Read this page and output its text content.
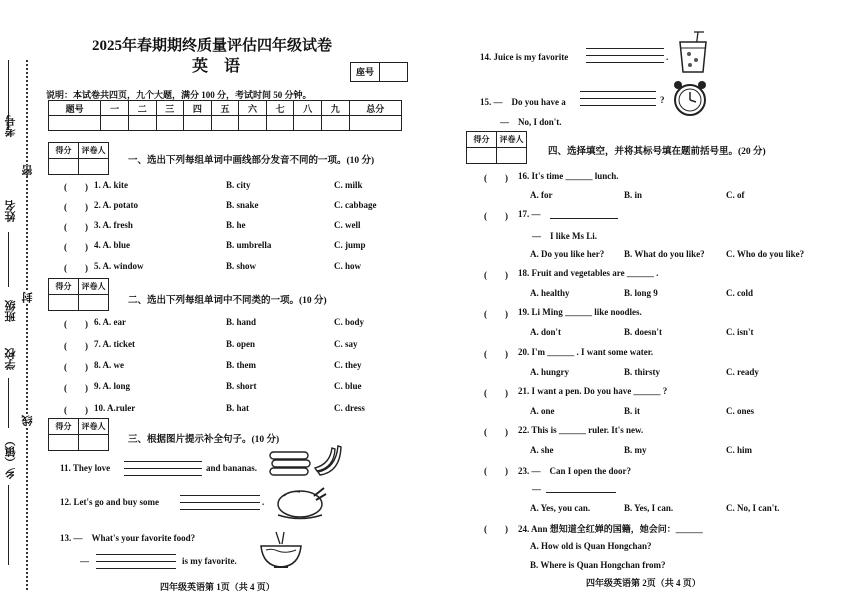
考号
姓名
班级
学校
乡（镇）
密
封
线
2025年春期期终质量评估四年级试卷
英　语	座号
说明：本试卷共四页，九个大题，满分 100 分，考试时间 50 分钟。
题号	一	二	三	四	五	六	七	八	九	总分

得分	评卷人

一、选出下列每组单词中画线部分发音不同的一项。(10 分)
(　　) 1. A. kite	B. city	C. milk
(　　) 2. A. potato	B. snake	C. cabbage
(　　) 3. A. fresh	B. he	C. well
(　　) 4. A. blue	B. umbrella	C. jump
(　　) 5. A. window	B. show	C. how
得分	评卷人

二、选出下列每组单词中不同类的一项。(10 分)
(　　) 6. A. ear	B. hand	C. body
(　　) 7. A. ticket	B. open	C. say
(　　) 8. A. we	B. them	C. they
(　　) 9. A. long	B. short	C. blue
(　　) 10. A.ruler	B. hat	C. dress
得分	评卷人

三、根据图片提示补全句子。(10 分)
11. They love	and bananas.
12. Let's go and buy some	.
13. —　What's your favorite food?
—	is my favorite.
四年级英语第 1页（共 4 页）
14. Juice is my favorite	.
15. —　Do you have a	?
—　No, I don't.
得分	评卷人

四、选择填空，并将其标号填在题前括号里。(20 分)
(　　) 16. It's time ______ lunch.
A. for	B. in	C. of
(　　) 17. —
—　I like Ms Li.
A. Do you like her? B. What do you like? C. Who do you like?
(　　) 18. Fruit and vegetables are ______ .
A. healthy	B. long 9	C. cold
(　　) 19. Li Ming ______ like noodles.
A. don't	B. doesn't	C. isn't
(　　) 20. I'm ______ . I want some water.
A. hungry	B. thirsty	C. ready
(　　) 21. I want a pen. Do you have ______ ?
A. one	B. it	C. ones
(　　) 22. This is ______ ruler. It's new.
A. she	B. my	C. him
(　　) 23. —　Can I open the door?
—
A. Yes, you can.	B. Yes, I can.	C. No, I can't.
(　　) 24. Ann 想知道全红婵的国籍，她会问：______
A. How old is Quan Hongchan?
B. Where is Quan Hongchan from?
四年级英语第 2页（共 4 页）
